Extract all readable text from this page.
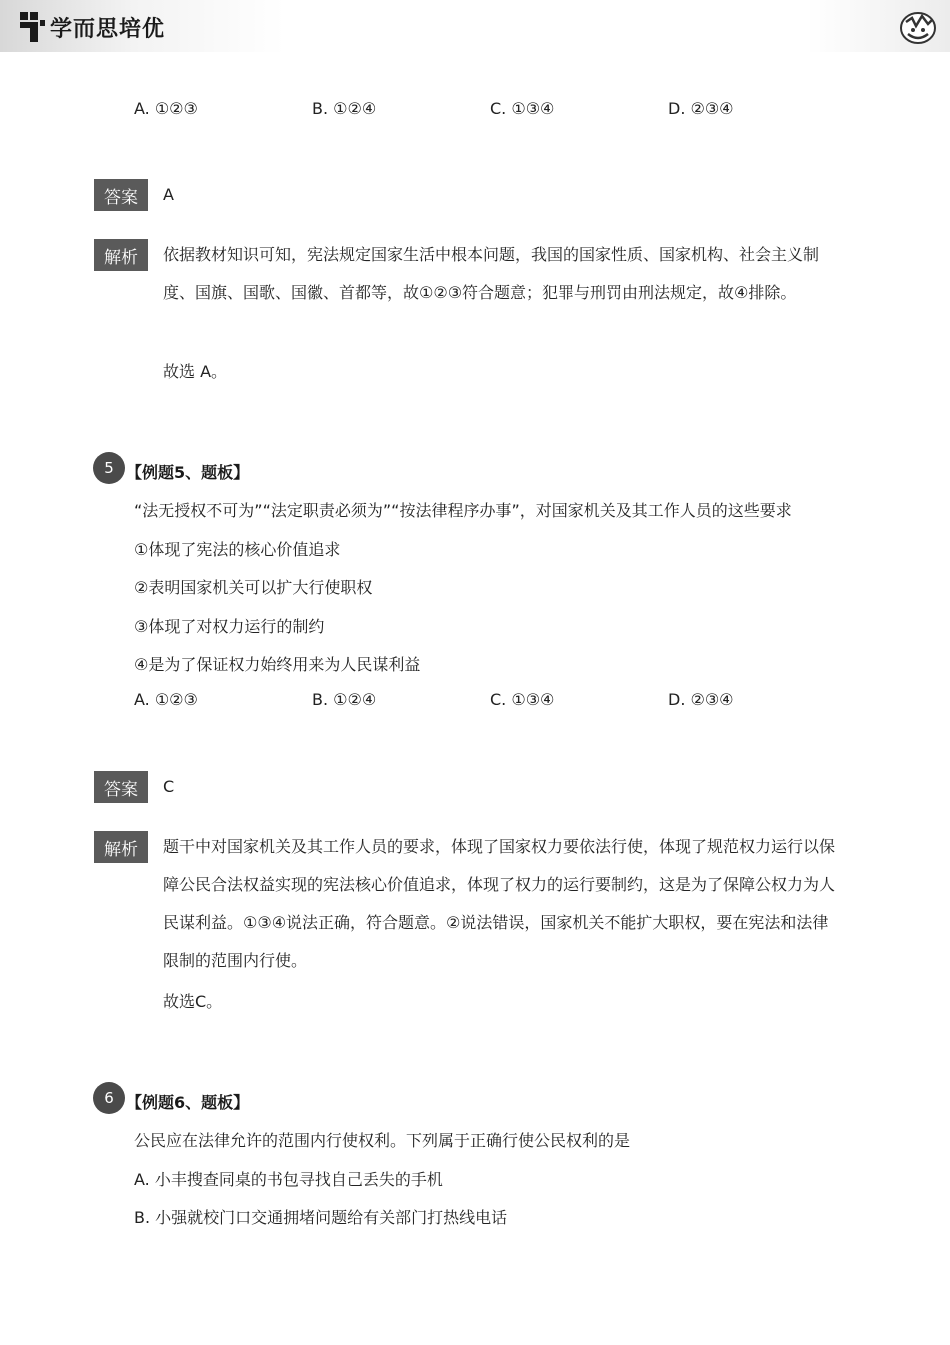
学而思培优
A. ①②③	B. ①②④	C. ①③④	D. ②③④
答案	A
解析	依据教材知识可知，宪法规定国家生活中根本问题，我国的国家性质、国家机构、社会主义制度、国旗、国歌、国徽、首都等，故①②③符合题意；犯罪与刑罚由刑法规定，故④排除。

故选 A。
5 【例题5、题板】
“法无授权不可为”“法定职责必须为”“按法律程序办事”，对国家机关及其工作人员的这些要求
①体现了宪法的核心价值追求
②表明国家机关可以扩大行使职权
③体现了对权力运行的制约
④是为了保证权力始终用来为人民谋利益
A. ①②③	B. ①②④	C. ①③④	D. ②③④
答案	C
解析	题干中对国家机关及其工作人员的要求，体现了国家权力要依法行使，体现了规范权力运行以保障公民合法权益实现的宪法核心价值追求，体现了权力的运行要制约，这是为了保障公权力为人民谋利益。①③④说法正确，符合题意。②说法错误，国家机关不能扩大职权，要在宪法和法律限制的范围内行使。

故选C。
6 【例题6、题板】
公民应在法律允许的范围内行使权利。下列属于正确行使公民权利的是
A. 小丰搜查同桌的书包寻找自己丢失的手机
B. 小强就校门口交通拥堵问题给有关部门打热线电话
